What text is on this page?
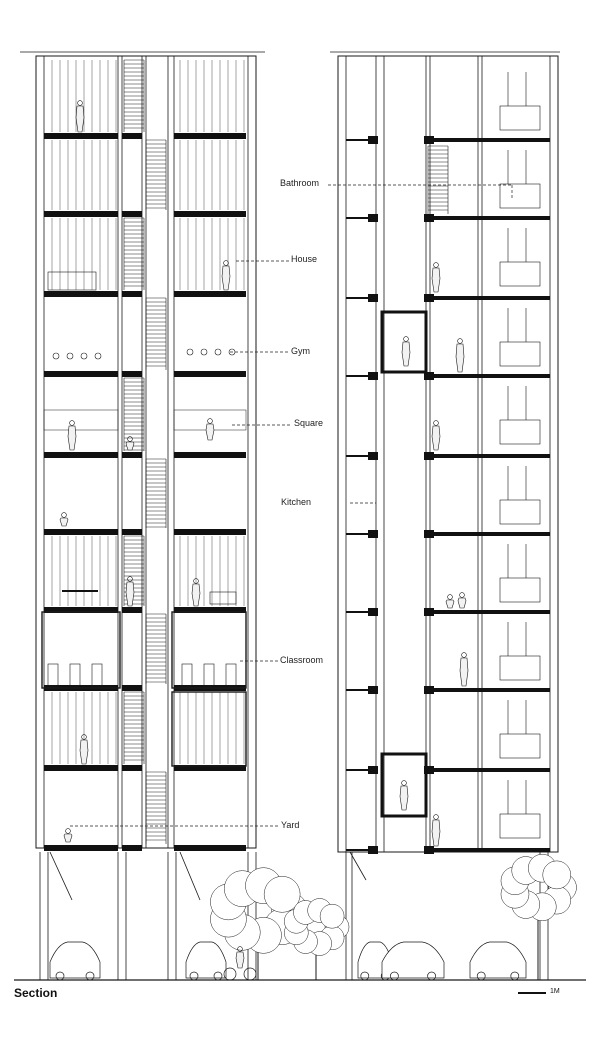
Bathroom
House
Gym
Square
Kitchen
Classroom
Yard
Section	1M
